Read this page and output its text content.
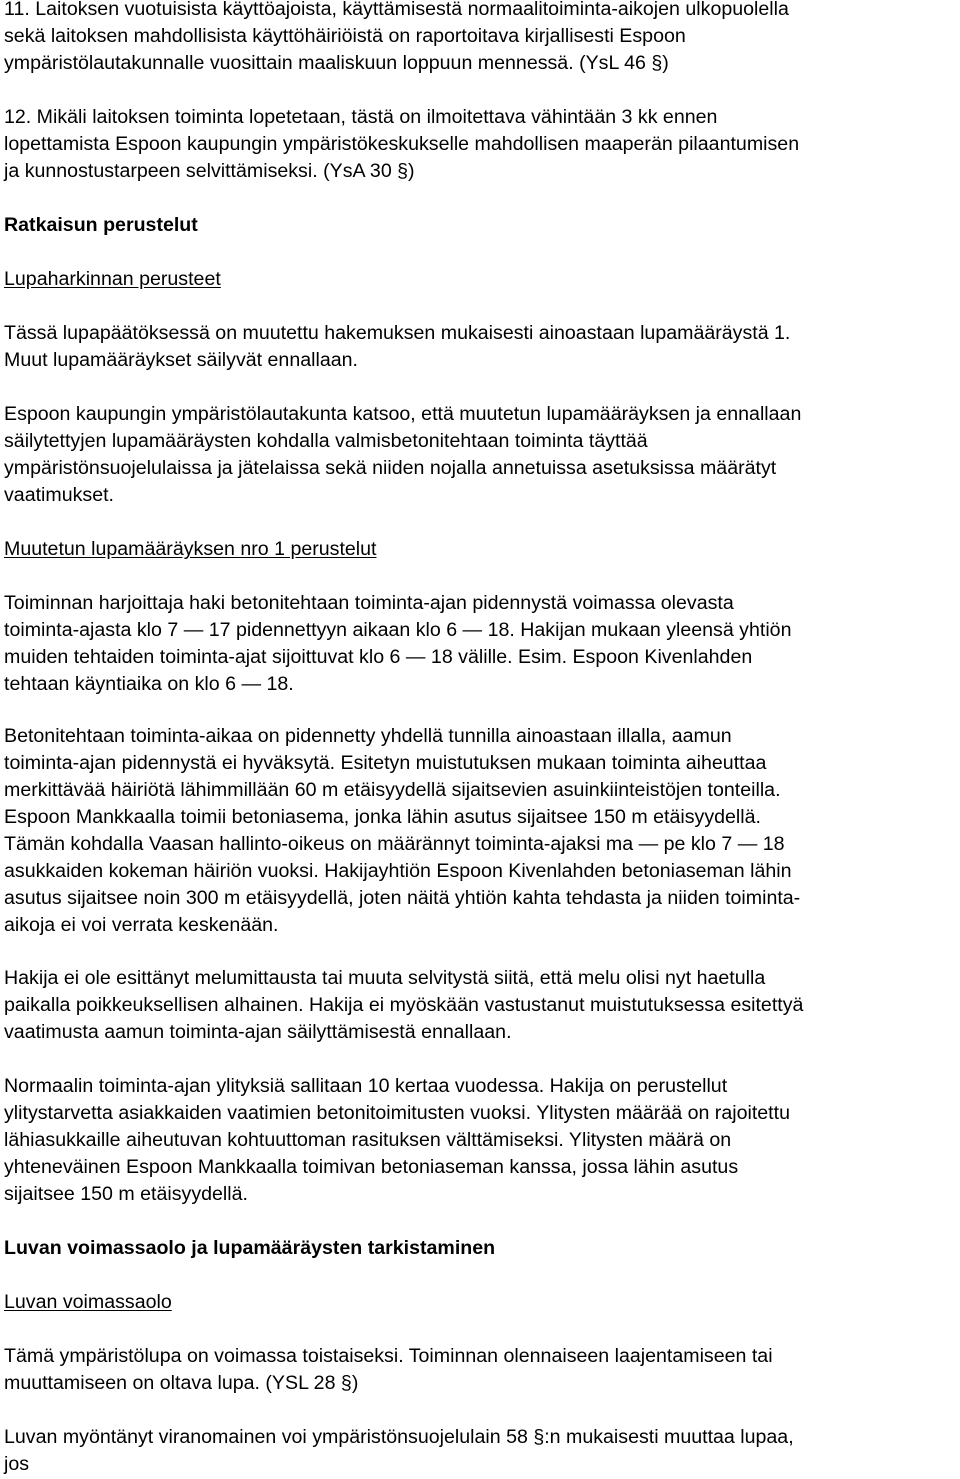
11. Laitoksen vuotuisista käyttöajoista, käyttämisestä normaalitoiminta-aikojen ulkopuolella
sekä laitoksen mahdollisista käyttöhäiriöistä on raportoitava kirjallisesti Espoon
ympäristölautakunnalle vuosittain maaliskuun loppuun mennessä. (YsL 46 §)
12. Mikäli laitoksen toiminta lopetetaan, tästä on ilmoitettava vähintään 3 kk ennen
lopettamista Espoon kaupungin ympäristökeskukselle mahdollisen maaperän pilaantumisen
ja kunnostustarpeen selvittämiseksi. (YsA 30 §)
Ratkaisun perustelut
Lupaharkinnan perusteet
Tässä lupapäätöksessä on muutettu hakemuksen mukaisesti ainoastaan lupamääräystä 1.
Muut lupamääräykset säilyvät ennallaan.
Espoon kaupungin ympäristölautakunta katsoo, että muutetun lupamääräyksen ja ennallaan
säilytettyjen lupamääräysten kohdalla valmisbetonitehtaan toiminta täyttää
ympäristönsuojelulaissa ja jätelaissa sekä niiden nojalla annetuissa asetuksissa määrätyt
vaatimukset.
Muutetun lupamääräyksen nro 1 perustelut
Toiminnan harjoittaja haki betonitehtaan toiminta-ajan pidennystä voimassa olevasta
toiminta-ajasta klo 7 — 17 pidennettyyn aikaan klo 6 — 18. Hakijan mukaan yleensä yhtiön
muiden tehtaiden toiminta-ajat sijoittuvat klo 6 — 18 välille. Esim. Espoon Kivenlahden
tehtaan käyntiaika on klo 6 — 18.
Betonitehtaan toiminta-aikaa on pidennetty yhdellä tunnilla ainoastaan illalla, aamun
toiminta-ajan pidennystä ei hyväksytä. Esitetyn muistutuksen mukaan toiminta aiheuttaa
merkittävää häiriötä lähimmillään 60 m etäisyydellä sijaitsevien asuinkiinteistöjen tonteilla.
Espoon Mankkaalla toimii betoniasema, jonka lähin asutus sijaitsee 150 m etäisyydellä.
Tämän kohdalla Vaasan hallinto-oikeus on määrännyt toiminta-ajaksi ma — pe klo 7 — 18
asukkaiden kokeman häiriön vuoksi. Hakijayhtiön Espoon Kivenlahden betoniaseman lähin
asutus sijaitsee noin 300 m etäisyydellä, joten näitä yhtiön kahta tehdasta ja niiden toiminta-
aikoja ei voi verrata keskenään.
Hakija ei ole esittänyt melumittausta tai muuta selvitystä siitä, että melu olisi nyt haetulla
paikalla poikkeuksellisen alhainen. Hakija ei myöskään vastustanut muistutuksessa esitettyä
vaatimusta aamun toiminta-ajan säilyttämisestä ennallaan.
Normaalin toiminta-ajan ylityksiä sallitaan 10 kertaa vuodessa. Hakija on perustellut
ylitystarvetta asiakkaiden vaatimien betonitoimitusten vuoksi. Ylitysten määrää on rajoitettu
lähiasukkaille aiheutuvan kohtuuttoman rasituksen välttämiseksi. Ylitysten määrä on
yhteneväinen Espoon Mankkaalla toimivan betoniaseman kanssa, jossa lähin asutus
sijaitsee 150 m etäisyydellä.
Luvan voimassaolo ja lupamääräysten tarkistaminen
Luvan voimassaolo
Tämä ympäristölupa on voimassa toistaiseksi. Toiminnan olennaiseen laajentamiseen tai
muuttamiseen on oltava lupa. (YSL 28 §)
Luvan myöntänyt viranomainen voi ympäristönsuojelulain 58 §:n mukaisesti muuttaa lupaa,
jos
